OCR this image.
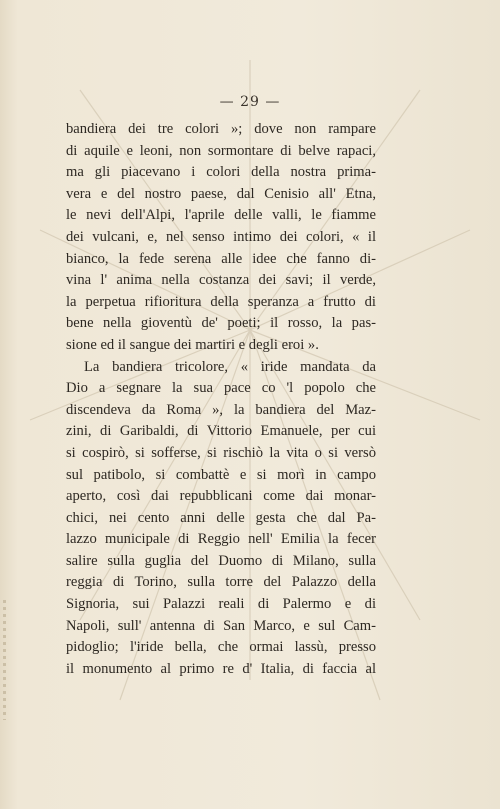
— 29 —
bandiera dei tre colori »; dove non rampare
di aquile e leoni, non sormontare di belve rapaci,
ma gli piacevano i colori della nostra prima-
vera e del nostro paese, dal Cenisio all' Etna,
le nevi dell'Alpi, l'aprile delle valli, le fiamme
dei vulcani, e, nel senso intimo dei colori, « il
bianco, la fede serena alle idee che fanno di-
vina l' anima nella costanza dei savi; il verde,
la perpetua rifioritura della speranza a frutto di
bene nella gioventù de' poeti; il rosso, la pas-
sione ed il sangue dei martiri e degli eroi ».
La bandiera tricolore, « iride mandata da
Dio a segnare la sua pace co 'l popolo che
discendeva da Roma », la bandiera del Maz-
zini, di Garibaldi, di Vittorio Emanuele, per cui
si cospirò, si sofferse, si rischiò la vita o si versò
sul patibolo, si combattè e si morì in campo
aperto, così dai repubblicani come dai monar-
chici, nei cento anni delle gesta che dal Pa-
lazzo municipale di Reggio nell' Emilia la fecer
salire sulla guglia del Duomo di Milano, sulla
reggia di Torino, sulla torre del Palazzo della
Signoria, sui Palazzi reali di Palermo e di
Napoli, sull' antenna di San Marco, e sul Cam-
pidoglio; l'iride bella, che ormai lassù, presso
il monumento al primo re d' Italia, di faccia al
